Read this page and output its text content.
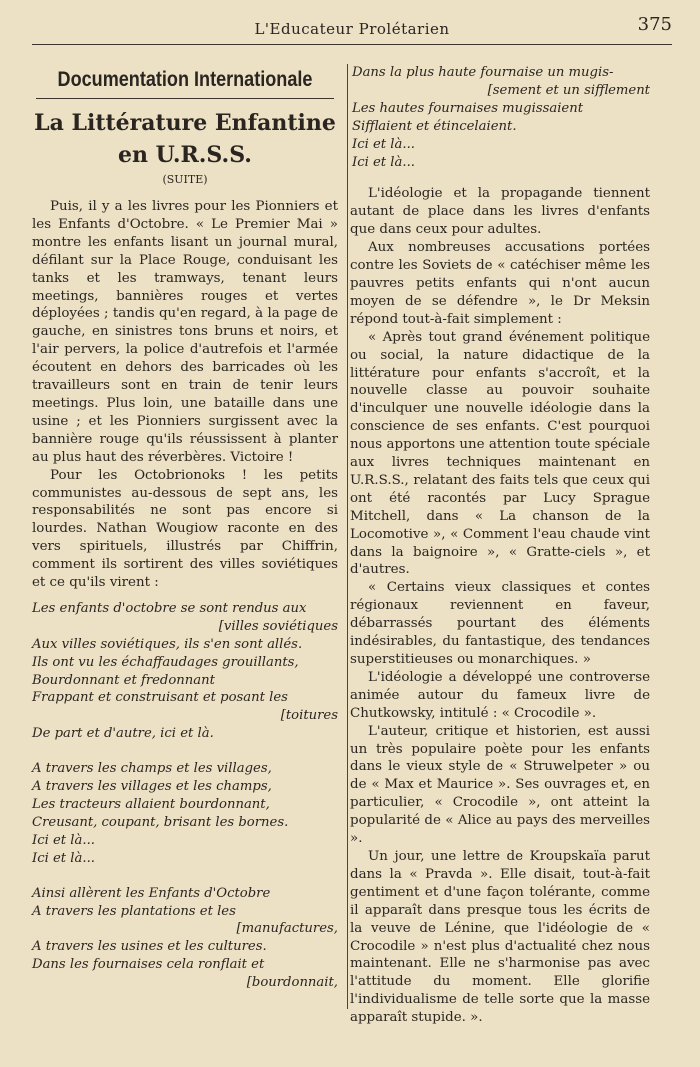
L'Educateur Prolétarien	375
Documentation Internationale
La Littérature Enfantine
en U.R.S.S.
(SUITE)

Puis, il y a les livres pour les Pionniers et les Enfants d'Octobre. « Le Premier Mai » montre les enfants lisant un journal mural, défilant sur la Place Rouge, conduisant les tanks et les tramways, tenant leurs meetings, bannières rouges et vertes déployées ; tandis qu'en regard, à la page de gauche, en sinistres tons bruns et noirs, et l'air pervers, la police d'autrefois et l'armée écoutent en dehors des barricades où les travailleurs sont en train de tenir leurs meetings. Plus loin, une bataille dans une usine ; et les Pionniers surgissent avec la bannière rouge qu'ils réussissent à planter au plus haut des réverbères. Victoire !

Pour les Octobrionoks ! les petits communistes au-dessous de sept ans, les responsabilités ne sont pas encore si lourdes. Nathan Wougiow raconte en des vers spirituels, illustrés par Chiffrin, comment ils sortirent des villes soviétiques et ce qu'ils virent :

Les enfants d'octobre se sont rendus aux
[villes soviétiques
Aux villes soviétiques, ils s'en sont allés.
Ils ont vu les échaffaudages grouillants,
Bourdonnant et fredonnant
Frappant et construisant et posant les
[toitures
De part et d'autre, ici et là.
A travers les champs et les villages,
A travers les villages et les champs,
Les tracteurs allaient bourdonnant,
Creusant, coupant, brisant les bornes.
Ici et là...
Ici et là...
Ainsi allèrent les Enfants d'Octobre
A travers les plantations et les
[manufactures,
A travers les usines et les cultures.
Dans les fournaises cela ronflait et
[bourdonnait,
Dans la plus haute fournaise un mugis-
[sement et un sifflement
Les hautes fournaises mugissaient
Sifflaient et étincelaient.
Ici et là...
Ici et là...

L'idéologie et la propagande tiennent autant de place dans les livres d'enfants que dans ceux pour adultes.

Aux nombreuses accusations portées contre les Soviets de « catéchiser même les pauvres petits enfants qui n'ont aucun moyen de se défendre », le Dr Meksin répond tout-à-fait simplement :

« Après tout grand événement politique ou social, la nature didactique de la littérature pour enfants s'accroît, et la nouvelle classe au pouvoir souhaite d'inculquer une nouvelle idéologie dans la conscience de ses enfants. C'est pourquoi nous apportons une attention toute spéciale aux livres techniques maintenant en U.R.S.S., relatant des faits tels que ceux qui ont été racontés par Lucy Sprague Mitchell, dans « La chanson de la Locomotive », « Comment l'eau chaude vint dans la baignoire », « Gratte-ciels », et d'autres.

« Certains vieux classiques et contes régionaux reviennent en faveur, débarrassés pourtant des éléments indésirables, du fantastique, des tendances superstitieuses ou monarchiques. »

L'idéologie a développé une controverse animée autour du fameux livre de Chutkowsky, intitulé : « Crocodile ».

L'auteur, critique et historien, est aussi un très populaire poète pour les enfants dans le vieux style de « Struwelpeter » ou de « Max et Maurice ». Ses ouvrages et, en particulier, « Crocodile », ont atteint la popularité de « Alice au pays des merveilles ».

Un jour, une lettre de Kroupskaïa parut dans la « Pravda ». Elle disait, tout-à-fait gentiment et d'une façon tolérante, comme il apparaît dans presque tous les écrits de la veuve de Lénine, que l'idéologie de « Crocodile » n'est plus d'actualité chez nous maintenant. Elle ne s'harmonise pas avec l'attitude du moment. Elle glorifie l'individualisme de telle sorte que la masse apparaît stupide. ».
